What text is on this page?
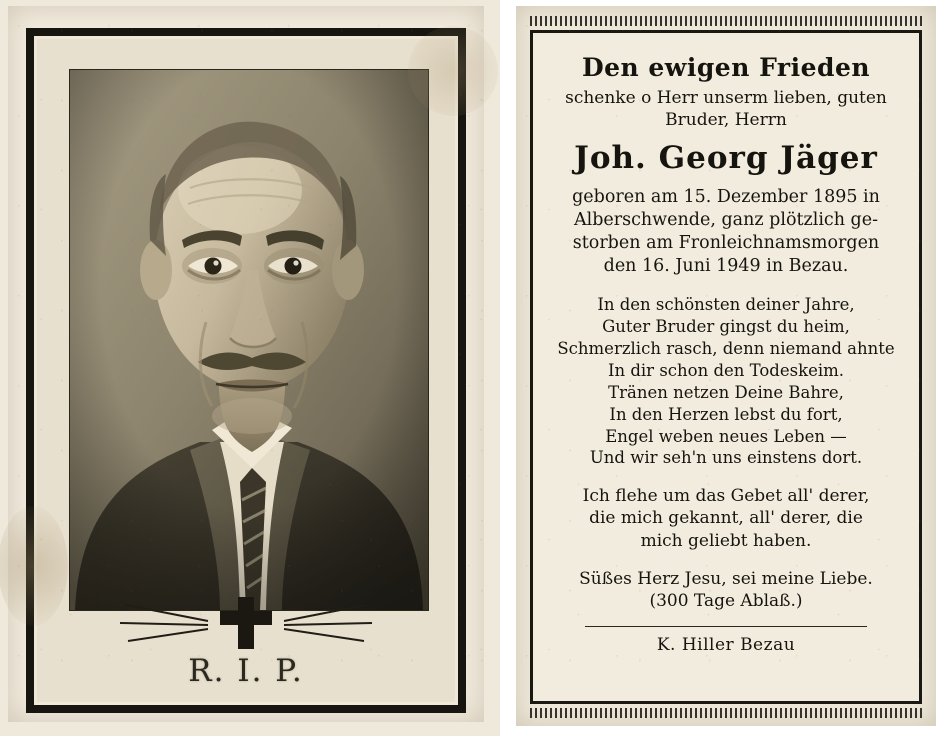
R. I. P.
Den ewigen Frieden
schenke o Herr unserm lieben, guten
Bruder, Herrn
Joh. Georg Jäger
geboren am 15. Dezember 1895 in
Alberschwende, ganz plötzlich ge-
storben am Fronleichnamsmorgen
den 16. Juni 1949 in Bezau.
In den schönsten deiner Jahre,
Guter Bruder gingst du heim,
Schmerzlich rasch, denn niemand ahnte
In dir schon den Todeskeim.
Tränen netzen Deine Bahre,
In den Herzen lebst du fort,
Engel weben neues Leben —
Und wir seh'n uns einstens dort.
Ich flehe um das Gebet all' derer,
die mich gekannt, all' derer, die
mich geliebt haben.
Süßes Herz Jesu, sei meine Liebe.
(300 Tage Ablaß.)
K. Hiller Bezau
